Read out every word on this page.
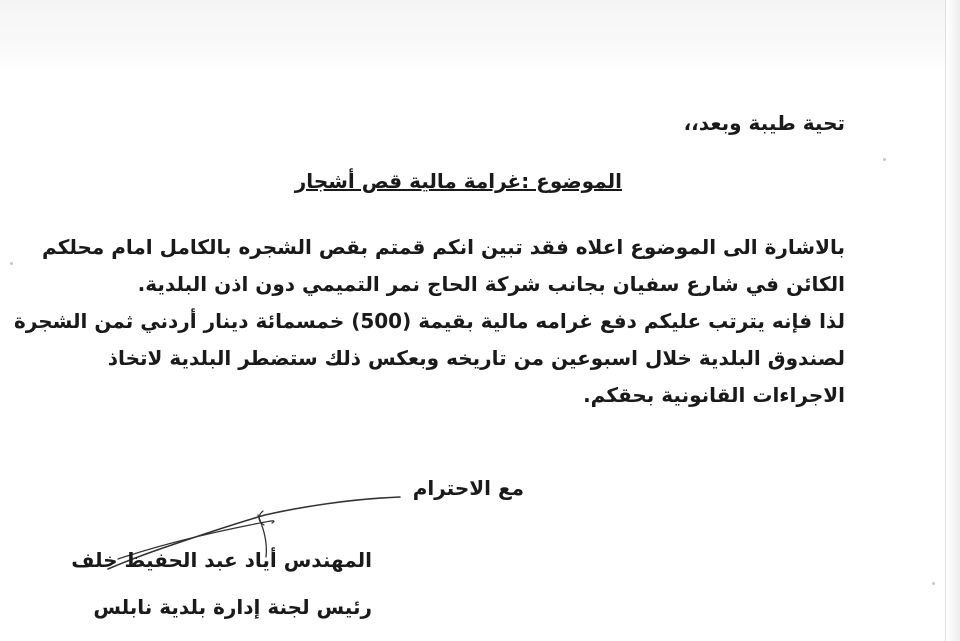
تحية طيبة وبعد،،
الموضوع :غرامة مالية قص أشجار
بالاشارة الى الموضوع اعلاه فقد تبين انكم قمتم بقص الشجره بالكامل امام محلكم
الكائن في شارع سفيان بجانب شركة الحاج نمر التميمي دون اذن البلدية.
لذا فإنه يترتب عليكم دفع غرامه مالية بقيمة (500) خمسمائة دينار أردني ثمن الشجرة
لصندوق البلدية خلال اسبوعين من تاريخه وبعكس ذلك ستضطر البلدية لاتخاذ
الاجراءات القانونية بحقكم.
مع الاحترام
المهندس أياد عبد الحفيظ خلف
رئيس لجنة إدارة بلدية نابلس
